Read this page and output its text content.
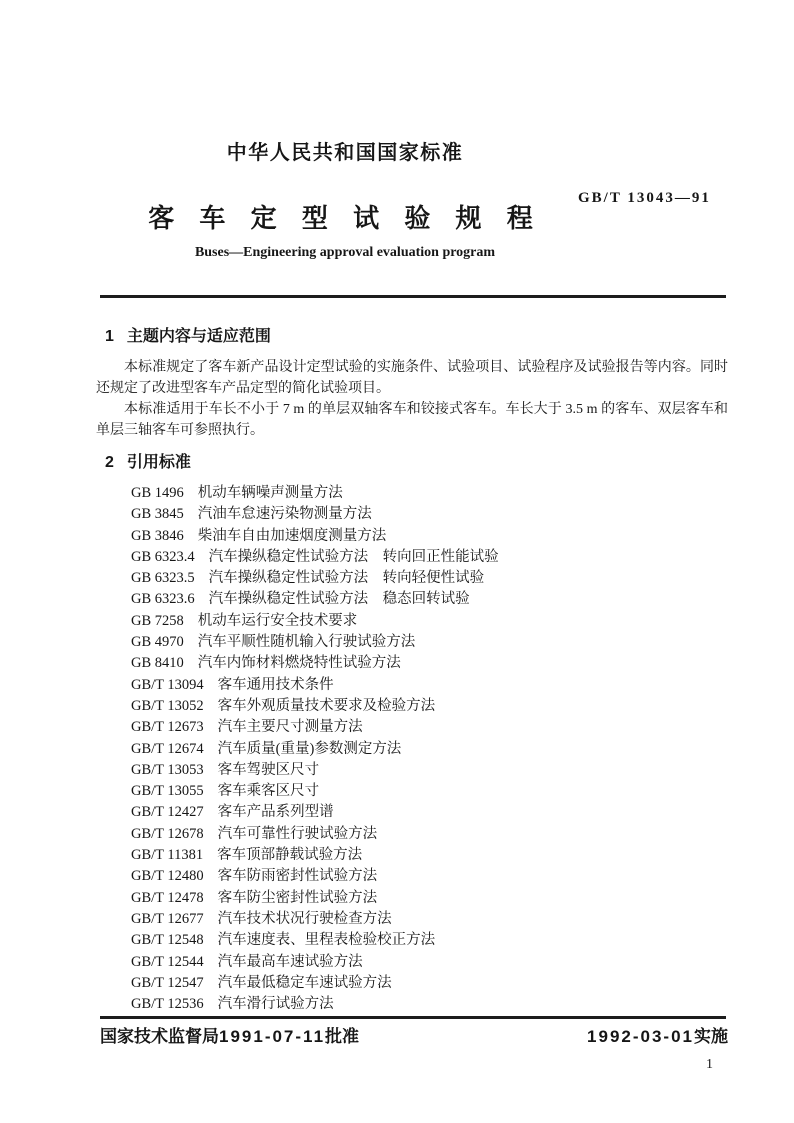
中华人民共和国国家标准
GB/T 13043—91
客 车 定 型 试 验 规 程
Buses—Engineering approval evaluation program
1 主题内容与适应范围

本标准规定了客车新产品设计定型试验的实施条件、试验项目、试验程序及试验报告等内容。同时还规定了改进型客车产品定型的简化试验项目。

本标准适用于车长不小于 7 m 的单层双轴客车和铰接式客车。车长大于 3.5 m 的客车、双层客车和单层三轴客车可参照执行。

2 引用标准
GB 1496 机动车辆噪声测量方法
GB 3845 汽油车怠速污染物测量方法
GB 3846 柴油车自由加速烟度测量方法
GB 6323.4 汽车操纵稳定性试验方法　转向回正性能试验
GB 6323.5 汽车操纵稳定性试验方法　转向轻便性试验
GB 6323.6 汽车操纵稳定性试验方法　稳态回转试验
GB 7258 机动车运行安全技术要求
GB 4970 汽车平顺性随机输入行驶试验方法
GB 8410 汽车内饰材料燃烧特性试验方法
GB/T 13094 客车通用技术条件
GB/T 13052 客车外观质量技术要求及检验方法
GB/T 12673 汽车主要尺寸测量方法
GB/T 12674 汽车质量(重量)参数测定方法
GB/T 13053 客车驾驶区尺寸
GB/T 13055 客车乘客区尺寸
GB/T 12427 客车产品系列型谱
GB/T 12678 汽车可靠性行驶试验方法
GB/T 11381 客车顶部静载试验方法
GB/T 12480 客车防雨密封性试验方法
GB/T 12478 客车防尘密封性试验方法
GB/T 12677 汽车技术状况行驶检查方法
GB/T 12548 汽车速度表、里程表检验校正方法
GB/T 12544 汽车最高车速试验方法
GB/T 12547 汽车最低稳定车速试验方法
GB/T 12536 汽车滑行试验方法
国家技术监督局1991-07-11批准	1992-03-01实施
1
